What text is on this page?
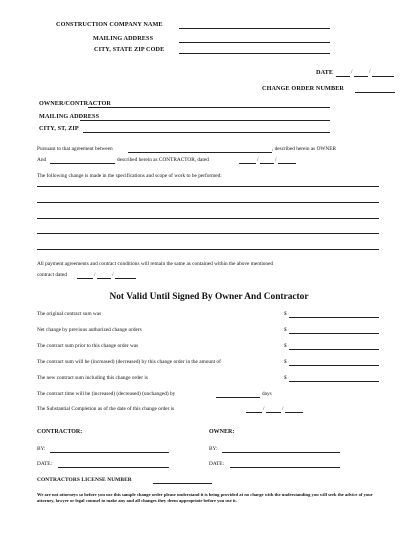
CONSTRUCTION COMPANY NAME
MAILING ADDRESS
CITY, STATE ZIP CODE
DATE	/	/
CHANGE ORDER NUMBER
OWNER/CONTRACTOR
MAILING ADDRESS
CITY, ST, ZIP
Pursuant to that agreement between	, described herein as OWNER
And	described herein as CONTRACTOR, dated	/	/
The following change is made in the specifications and scope of work to be performed:
All payment agreements and contract conditions will remain the same as contained within the above mentioned
contract dated	/	/
Not Valid Until Signed By Owner And Contractor
The original contract sum was	$
Net change by previous authorized change orders	$
The contract sum prior to this change order was	$
The contract sum will be (increased) (decreased) by this change order in the amount of	$
The new contract sum including this change order is	$
The contract time will be (increased) (decreased) (unchanged) by	days
The Substantial Completion as of the date of this change order is	/	/
CONTRACTOR:	OWNER:
BY:	BY:
DATE:	DATE:
CONTRACTORS LICENSE NUMBER
We are not attorneys so before you use this sample change order please understand it is being provided at no charge with the understanding you will seek the advice of your attorney, lawyer or legal counsel to make any and all changes they deem appropriate before you use it.
